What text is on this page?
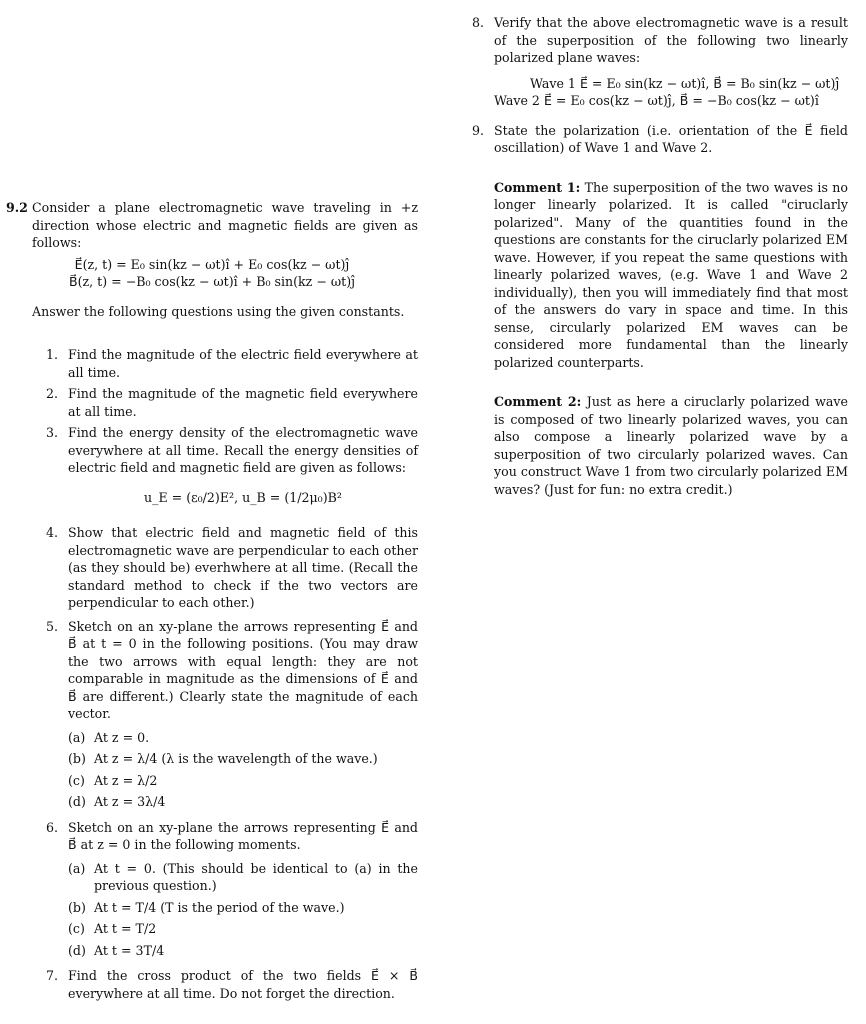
9.2 Consider a plane electromagnetic wave traveling in +z direction whose electric and magnetic fields are given as follows:

E⃗(z, t) = E₀ sin(kz − ωt)î + E₀ cos(kz − ωt)ĵ

B⃗(z, t) = −B₀ cos(kz − ωt)î + B₀ sin(kz − ωt)ĵ

Answer the following questions using the given constants.

1. Find the magnitude of the electric field everywhere at all time.

2. Find the magnitude of the magnetic field everywhere at all time.

3. Find the energy density of the electromagnetic wave everywhere at all time. Recall the energy densities of electric field and magnetic field are given as follows:

u_E = (ε₀/2)E², u_B = (1/2μ₀)B²

4. Show that electric field and magnetic field of this electromagnetic wave are perpendicular to each other (as they should be) everhwhere at all time. (Recall the standard method to check if the two vectors are perpendicular to each other.)

5. Sketch on an xy-plane the arrows representing E⃗ and B⃗ at t = 0 in the following positions. (You may draw the two arrows with equal length: they are not comparable in magnitude as the dimensions of E⃗ and B⃗ are different.) Clearly state the magnitude of each vector.

(a) At z = 0.

(b) At z = λ/4 (λ is the wavelength of the wave.)

(c) At z = λ/2

(d) At z = 3λ/4

6. Sketch on an xy-plane the arrows representing E⃗ and B⃗ at z = 0 in the following moments.

(a) At t = 0. (This should be identical to (a) in the previous question.)

(b) At t = T/4 (T is the period of the wave.)

(c) At t = T/2

(d) At t = 3T/4

7. Find the cross product of the two fields E⃗ × B⃗ everywhere at all time. Do not forget the direction.

8. Verify that the above electromagnetic wave is a result of the superposition of the following two linearly polarized plane waves:

Wave 1 E⃗ = E₀ sin(kz − ωt)î, B⃗ = B₀ sin(kz − ωt)ĵ

Wave 2 E⃗ = E₀ cos(kz − ωt)ĵ, B⃗ = −B₀ cos(kz − ωt)î

9. State the polarization (i.e. orientation of the E⃗ field oscillation) of Wave 1 and Wave 2.

Comment 1: The superposition of the two waves is no longer linearly polarized. It is called "ciruclarly polarized". Many of the quantities found in the questions are constants for the ciruclarly polarized EM wave. However, if you repeat the same questions with linearly polarized waves, (e.g. Wave 1 and Wave 2 individually), then you will immediately find that most of the answers do vary in space and time. In this sense, circularly polarized EM waves can be considered more fundamental than the linearly polarized counterparts.

Comment 2: Just as here a ciruclarly polarized wave is composed of two linearly polarized waves, you can also compose a linearly polarized wave by a superposition of two circularly polarized waves. Can you construct Wave 1 from two circularly polarized EM waves? (Just for fun: no extra credit.)
